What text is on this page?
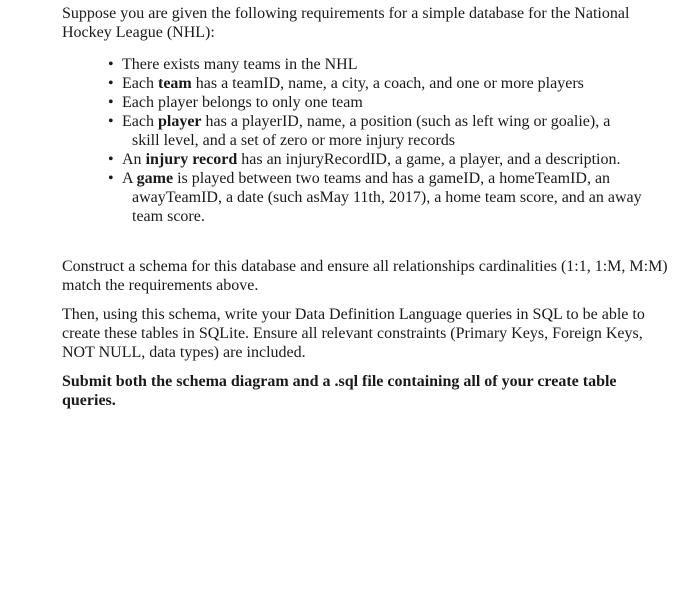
Suppose you are given the following requirements for a simple database for the National Hockey League (NHL):

• There exists many teams in the NHL
• Each team has a teamID, name, a city, a coach, and one or more players
• Each player belongs to only one team
• Each player has a playerID, name, a position (such as left wing or goalie), a
skill level, and a set of zero or more injury records
• An injury record has an injuryRecordID, a game, a player, and a description.
• A game is played between two teams and has a gameID, a homeTeamID, an
awayTeamID, a date (such asMay 11th, 2017), a home team score, and an away team score.

Construct a schema for this database and ensure all relationships cardinalities (1:1, 1:M, M:M) match the requirements above.

Then, using this schema, write your Data Definition Language queries in SQL to be able to create these tables in SQLite. Ensure all relevant constraints (Primary Keys, Foreign Keys, NOT NULL, data types) are included.

Submit both the schema diagram and a .sql file containing all of your create table queries.
